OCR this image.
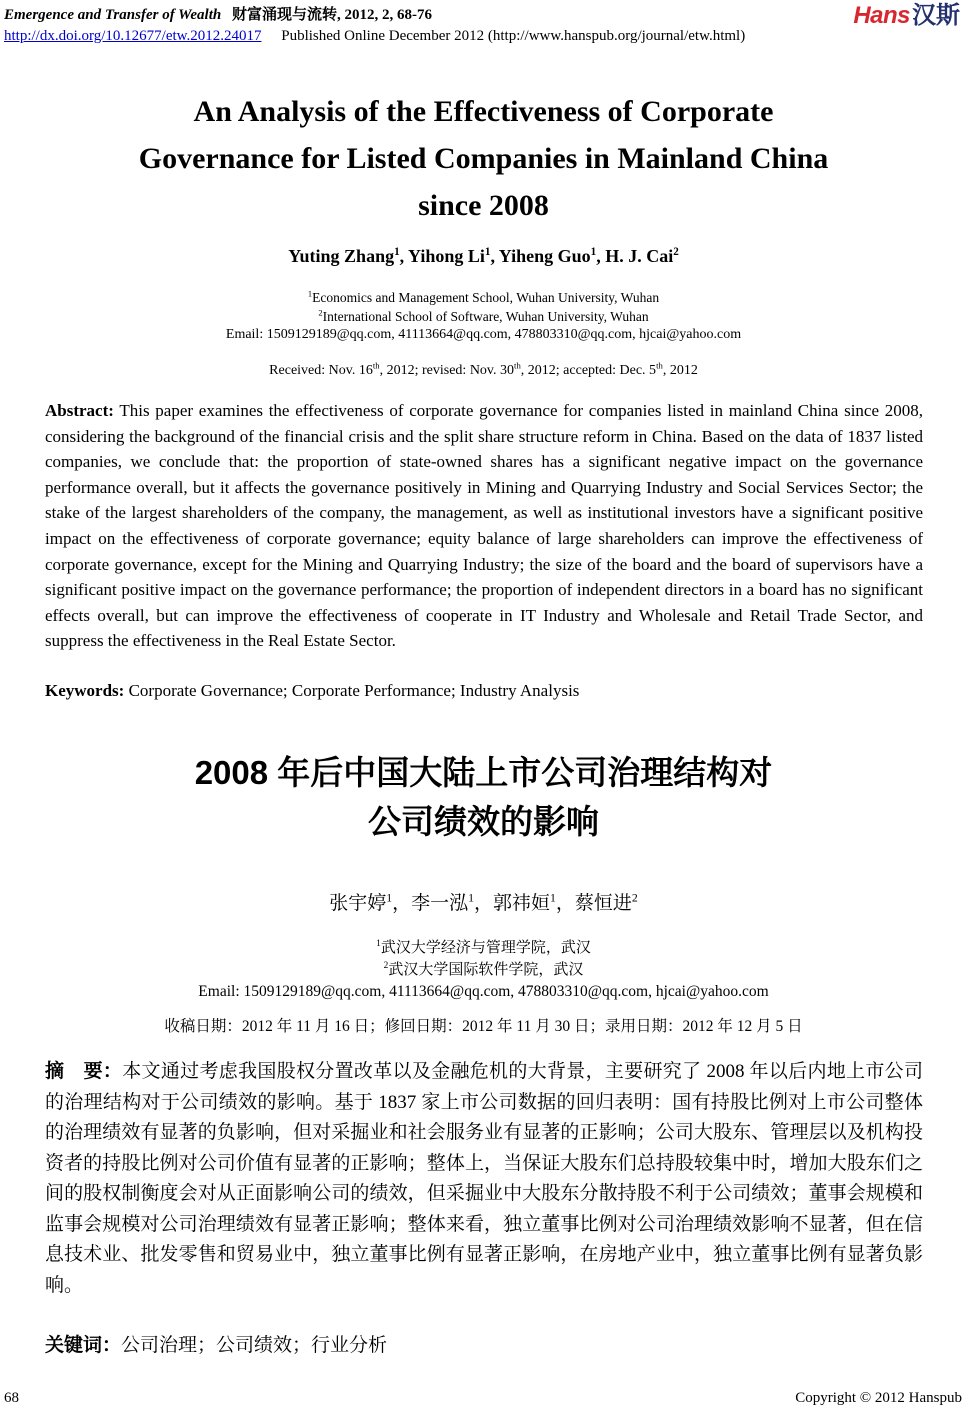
Emergence and Transfer of Wealth 财富涌现与流转, 2012, 2, 68-76
http://dx.doi.org/10.12677/etw.2012.24017 Published Online December 2012 (http://www.hanspub.org/journal/etw.html)
Hans汉斯
An Analysis of the Effectiveness of Corporate
Governance for Listed Companies in Mainland China
since 2008
Yuting Zhang$^1$, Yihong Li$^1$, Yiheng Guo$^1$, H. J. Cai$^2$
$^1$Economics and Management School, Wuhan University, Wuhan
$^2$International School of Software, Wuhan University, Wuhan
Email: 1509129189@qq.com, 41113664@qq.com, 478803310@qq.com, hjcai@yahoo.com
Received: Nov. 16th, 2012; revised: Nov. 30th, 2012; accepted: Dec. 5th, 2012
Abstract: This paper examines the effectiveness of corporate governance for companies listed in mainland China since 2008, considering the background of the financial crisis and the split share structure reform in China. Based on the data of 1837 listed companies, we conclude that: the proportion of state-owned shares has a significant negative impact on the governance performance overall, but it affects the governance positively in Mining and Quarrying Industry and Social Services Sector; the stake of the largest shareholders of the company, the management, as well as institutional investors have a significant positive impact on the effectiveness of corporate governance; equity balance of large shareholders can improve the effectiveness of corporate governance, except for the Mining and Quarrying Industry; the size of the board and the board of supervisors have a significant positive impact on the governance performance; the proportion of independent directors in a board has no significant effects overall, but can improve the effectiveness of cooperate in IT Industry and Wholesale and Retail Trade Sector, and suppress the effectiveness in the Real Estate Sector.
Keywords: Corporate Governance; Corporate Performance; Industry Analysis
2008 年后中国大陆上市公司治理结构对
公司绩效的影响
张宇婷$^1$，李一泓$^1$，郭祎姮$^1$，蔡恒进$^2$
$^1$武汉大学经济与管理学院，武汉
$^2$武汉大学国际软件学院，武汉
Email: 1509129189@qq.com, 41113664@qq.com, 478803310@qq.com, hjcai@yahoo.com
收稿日期：2012 年 11 月 16 日；修回日期：2012 年 11 月 30 日；录用日期：2012 年 12 月 5 日
摘　要：本文通过考虑我国股权分置改革以及金融危机的大背景，主要研究了 2008 年以后内地上市公司的治理结构对于公司绩效的影响。基于 1837 家上市公司数据的回归表明：国有持股比例对上市公司整体的治理绩效有显著的负影响，但对采掘业和社会服务业有显著的正影响；公司大股东、管理层以及机构投资者的持股比例对公司价值有显著的正影响；整体上，当保证大股东们总持股较集中时，增加大股东们之间的股权制衡度会对从正面影响公司的绩效，但采掘业中大股东分散持股不利于公司绩效；董事会规模和监事会规模对公司治理绩效有显著正影响；整体来看，独立董事比例对公司治理绩效影响不显著，但在信息技术业、批发零售和贸易业中，独立董事比例有显著正影响，在房地产业中，独立董事比例有显著负影响。
关键词：公司治理；公司绩效；行业分析
68	Copyright © 2012 Hanspub
